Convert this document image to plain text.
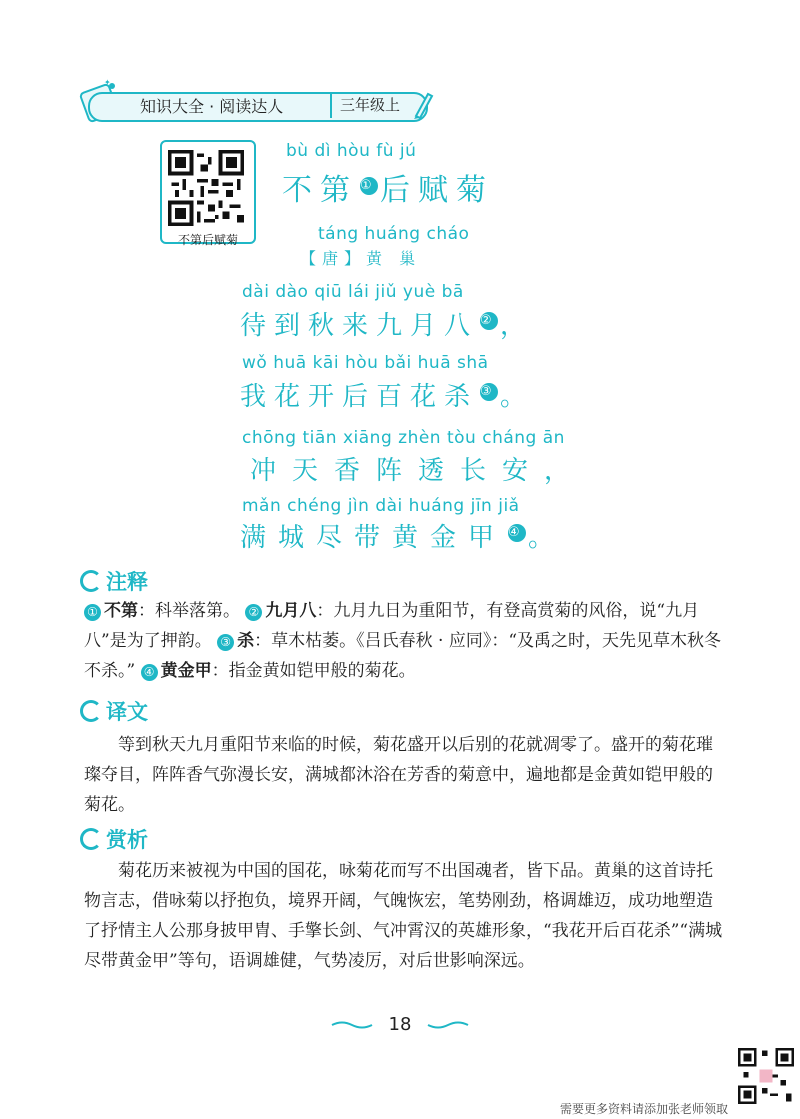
✦
知识大全 · 阅读达人	三年级上
不第后赋菊
bù dì hòu fù jú
不第 ①后赋菊
táng huáng cháo
【唐】黄 巢
dài dào qiū lái jiǔ yuè bā
待到秋来九月八 ②，
wǒ huā kāi hòu bǎi huā shā
我花开后百花杀 ③。
chōng tiān xiāng zhèn tòu cháng ān
冲天香阵透长安，
mǎn chéng jìn dài huáng jīn jiǎ
满城尽带黄金甲 ④。
注释
① 不第：科举落第。 ② 九月八：九月九日为重阳节，有登高赏菊的风俗，说“九月八”是为了押韵。 ③ 杀：草木枯萎。《吕氏春秋 · 应同》：“及禹之时，天先见草木秋冬不杀。” ④ 黄金甲：指金黄如铠甲般的菊花。
译文

等到秋天九月重阳节来临的时候，菊花盛开以后别的花就凋零了。盛开的菊花璀璨夺目，阵阵香气弥漫长安，满城都沐浴在芳香的菊意中，遍地都是金黄如铠甲般的菊花。

赏析

菊花历来被视为中国的国花，咏菊花而写不出国魂者，皆下品。黄巢的这首诗托物言志，借咏菊以抒抱负，境界开阔，气魄恢宏，笔势刚劲，格调雄迈，成功地塑造了抒情主人公那身披甲胄、手擎长剑、气冲霄汉的英雄形象，“我花开后百花杀”“满城尽带黄金甲”等句，语调雄健，气势凌厉，对后世影响深远。

18
需要更多资料请添加张老师领取
